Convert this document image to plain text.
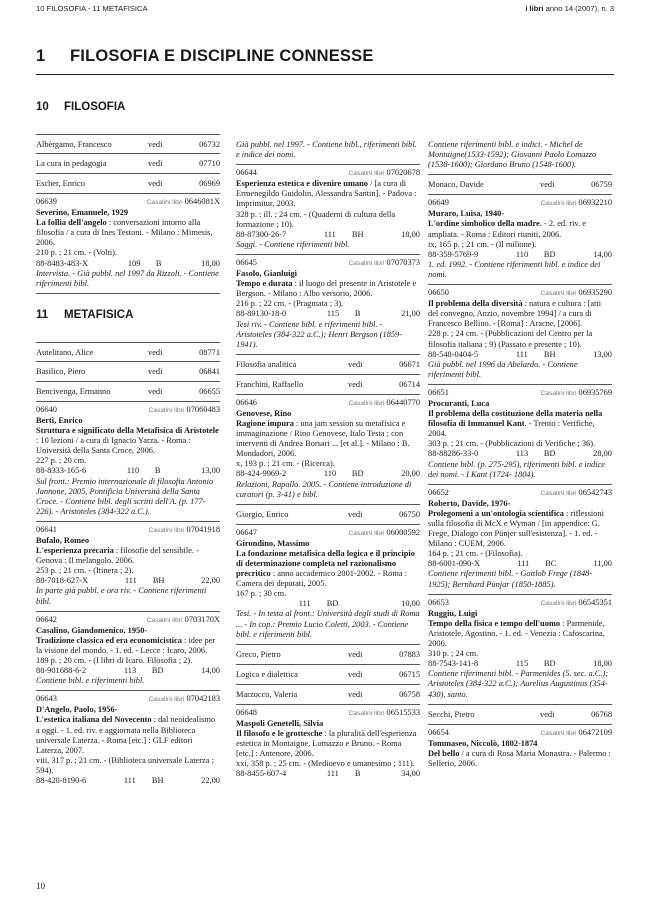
10 FILOSOFIA - 11 METAFISICA	i libri anno 14 (2007), n. 3
1 FILOSOFIA E DISCIPLINE CONNESSE
10 FILOSOFIA
Albèrgamo, Francesco	vedi	06732
La cura in pedagogia	vedi	07710
Escher, Enrico	vedi	06969
06639	Casalini libri 0646081X
Severino, Emanuele, 1929
La follia dell'angelo : conversazioni intorno alla filosofia / a cura di Ines Testoni. - Milano : Mimesis, 2006.
210 p. ; 21 cm. - (Volti).
88-8483-483-X	109 B	18,00
Intervista. - Già pubbl. nel 1997 da Rizzoli. - Contiene riferimenti bibl.
11 METAFISICA
Autelitano, Alice	vedi	08771
Basilico, Piero	vedi	06841
Bencivenga, Ermanno	vedi	06655
06640	Casalini libri 07060483
Berti, Enrico
Struttura e significato della Metafisica di Aristotele : 10 lezioni / a cura di Ignacio Yarza. - Roma : Università della Santa Croce, 2006.
227 p. ; 20 cm.
88-8333-165-6	110 B	13,00
Sul front.: Premio internazionale di filosofia Antonio Jannone, 2005, Pontificia Università della Santa Croce. - Contiene bibl. degli scritti dell'A. (p. 177-226). - Aristoteles (384-322 a.C.).
06641	Casalini libri 07041918
Bufalo, Romeo
L'esperienza precaria : filosofie del sensibile. - Genova : Il melangolo, 2006.
253 p. ; 21 cm. - (Itinera ; 2).
88-7018-627-X	111 BH	22,00
In parte già pubbl. e ora riv. - Contiene riferimenti bibl.
06642	Casalini libri 0703170X
Casalino, Giandomenico, 1950-
Tradizione classica ed era economicistica : idee per la visione del mondo. - 1. ed. - Lecce : Icaro, 2006.
189 p. ; 20 cm. - (I libri di Icaro. Filosofia ; 2).
88-901688-6-2	113 BD	14,00
Contiene bibl. e riferimenti bibl.
06643	Casalini libri 07042183
D'Angelo, Paolo, 1956-
L'estetica italiana del Novecento : dal neoidealismo a oggi. - 1. ed. riv. e aggiornata nella Biblioteca universale Laterza. - Roma [etc.] : GLF editori Laterza, 2007.
viii, 317 p. ; 21 cm. - (Biblioteca universale Laterza ; 594).
88-420-8190-6	111 BH	22,00
Già pubbl. nel 1997. - Contiene bibl., riferimenti bibl. e indice dei nomi.
06644	Casalini libri 07020678
Esperienza estetica e divenire umano / [a cura di Ermenegildo Guidolin, Alessandra Santin]. - Padova : Imprimitur, 2003.
328 p. : ill. ; 24 cm. - (Quaderni di cultura della formazione ; 10).
88-87300-26-7	111 BH	18,00
Saggi. - Contiene riferimenti bibl.
06645	Casalini libri 07070373
Fasolo, Gianluigi
Tempo e durata : il luogo del presente in Aristotele e Bergson. - Milano : Albo versorio, 2006.
216 p. ; 22 cm. - (Pragmata ; 3).
88-89130-18-0	115 B	21,00
Tesi riv. - Contiene bibl. e riferimenti bibl. - Aristoteles (384-322 a.C.); Henri Bergson (1859-1941).
Filosofia analitica	vedi	06671
Franchini, Raffaello	vedi	06714
06646	Casalini libri 06440770
Genovese, Rino
Ragione impura : una jam session su metafisica e immaginazione / Rino Genovese, Italo Testa ; con interventi di Andrea Borsari ... [et al.]. - Milano : B. Mondadori, 2006.
x, 193 p. ; 21 cm. - (Ricerca).
88-424-9969-2	110 BD	20,00
Relazioni, Rapallo. 2005. - Contiene introduzione di curatori (p. 3-41) e bibl.
Giorgio, Enrico	vedi	06750
06647	Casalini libri 06000592
Girondino, Massimo
La fondazione metafisica della logica e il principio di determinazione completa nel razionalismo precritico : anno accademico 2001-2002. - Roma : Camera dei deputati, 2005.
167 p. ; 30 cm.
111 BD	10,00
Tesi. - In testa al front.: Università degli studi di Roma ... - In cop.: Premio Lucio Coletti, 2003. - Contiene bibl. e riferimenti bibl.
Greco, Pietro	vedi	07883
Logica e dialettica	vedi	06715
Marzocco, Valeria	vedi	06758
06648	Casalini libri 06515533
Maspoli Genetelli, Silvia
Il filosofo e le grottesche : la pluralità dell'esperienza estetica in Montaigne, Lomazzo e Bruno. - Roma [etc.] : Antenore, 2006.
xxi, 358 p. ; 25 cm. - (Medioevo e umanesimo ; 111).
88-8455-607-4	111 B	34,00
Contiene riferimenti bibl. e indici. - Michel de Montaigne(1533-1592); Giovanni Paolo Lomazzo (1538-1600); Giordano Bruno (1548-1600).
Monaco, Davide	vedi	06759
06649	Casalini libri 06932210
Muraro, Luisa, 1940-
L'ordine simbolico della madre. - 2. ed. riv. e ampliata. - Roma : Editori riuniti, 2006.
ix, 165 p. ; 21 cm. - (Il milione).
88-359-5769-9	110 BD	14,00
1. ed. 1992. - Contiene riferimenti bibl. e indice dei nomi.
06650	Casalini libri 06935290
Il problema della diversità : natura e cultura : [atti del convegno, Anzio, novembre 1994] / a cura di Francesco Bellino. - [Roma] : Aracne, [2006].
228 p. ; 24 cm. - (Pubblicazioni del Centro per la filosofia italiana ; 9) (Passato e presente ; 10).
88-548-0404-5	111 BH	13,00
Già pubbl. nel 1996 da Abelardo. - Contiene riferimenti bibl.
06651	Casalini libri 06935769
Procuranti, Luca
Il problema della costituzione della materia nella filosofia di Immanuel Kant. - Trento : Verifiche, 2004.
303 p. ; 21 cm. - (Pubblicazioni di Verifiche ; 36).
88-88286-33-0	113 BD	28,00
Contiene bibl. (p. 275-295), riferimenti bibl. e indice dei nomi. - I Kant (1724- 1804).
06652	Casalini libri 06542743
Roberto, Davide, 1976-
Prolegomeni a un'ontologia scientifica : riflessioni sulla filosofia di McX e Wyman / [in appendice: G. Frege, Dialogo con Pünjer sull'esistenza]. - 1. ed. - Milano : CUEM, 2006.
164 p. ; 21 cm. - (Filosofia).
88-6001-090-X	111 BC	11,00
Contiene riferimenti bibl. - Gottlob Frege (1848-1925); Bernhard Pünjar (1850-1885).
06653	Casalini libri 06545351
Ruggiu, Luigi
Tempo della fisica e tempo dell'uomo : Parmenide, Aristotele, Agostino. - 1. ed. - Venezia : Cafoscarina, 2006.
310 p. ; 24 cm.
88-7543-141-8	115 BD	18,00
Contiene riferimenti bibl. - Parmenides (5. sec. a.C.); Aristoteles (384-322 a.C.); Aurelius Augustinus (354-430), santo.
Secchi, Pietro	vedi	06768
06654	Casalini libri 06472109
Tommaseo, Niccolò, 1802-1874
Del bello / a cura di Rosa Maria Monastra. - Palermo : Sellerio, 2006.
10
